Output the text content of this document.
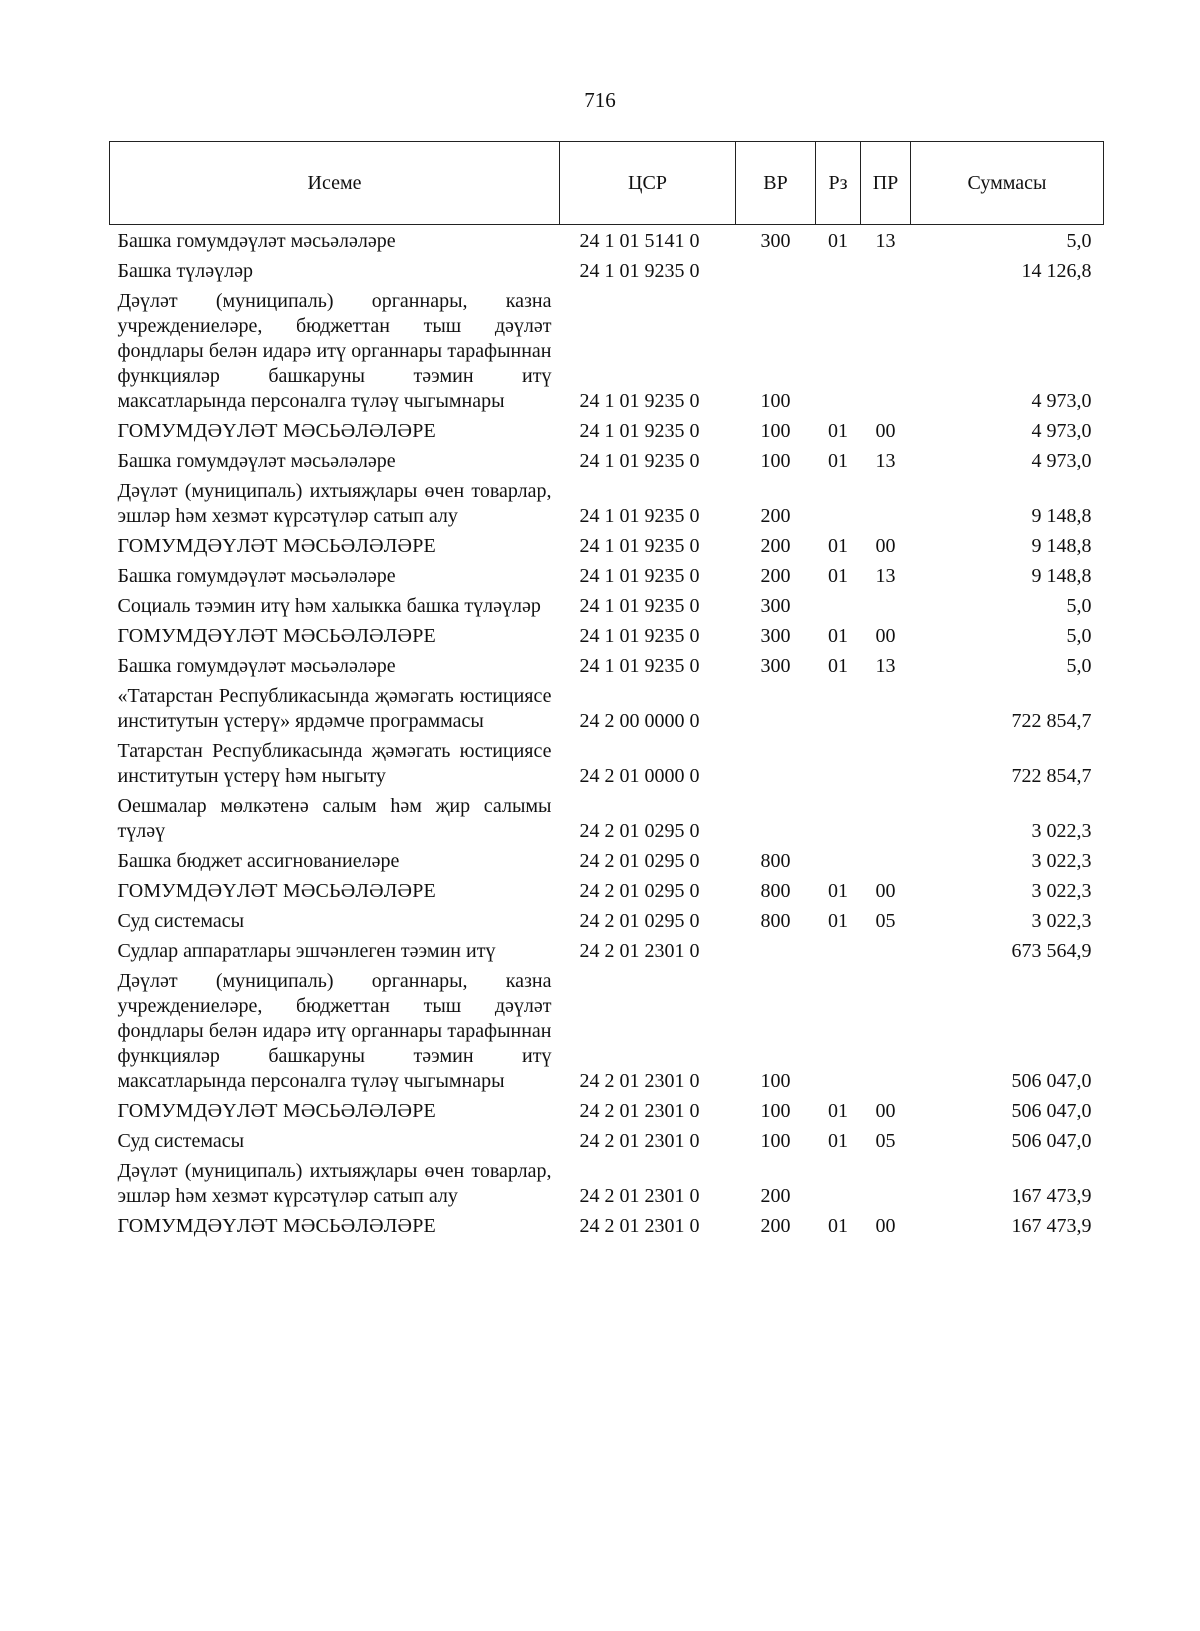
716
Исеме	ЦСР	ВР	Рз	ПР	Суммасы
Башка гомумдәүләт мәсьәләләре	24 1 01 5141 0	300	01	13	5,0
Башка түләүләр	24 1 01 9235 0				14 126,8
Дәүләт (муниципаль) органнары, казна учреждениеләре, бюджеттан тыш дәүләт фондлары белән идарә итү органнары тарафыннан функцияләр башкаруны тәэмин итү максатларында персоналга түләү чыгымнары	24 1 01 9235 0	100			4 973,0
ГОМУМДӘҮЛӘТ МӘСЬӘЛӘЛӘРЕ	24 1 01 9235 0	100	01	00	4 973,0
Башка гомумдәүләт мәсьәләләре	24 1 01 9235 0	100	01	13	4 973,0
Дәүләт (муниципаль) ихтыяҗлары өчен товарлар, эшләр һәм хезмәт күрсәтүләр сатып алу	24 1 01 9235 0	200			9 148,8
ГОМУМДӘҮЛӘТ МӘСЬӘЛӘЛӘРЕ	24 1 01 9235 0	200	01	00	9 148,8
Башка гомумдәүләт мәсьәләләре	24 1 01 9235 0	200	01	13	9 148,8
Социаль тәэмин итү һәм халыкка башка түләүләр	24 1 01 9235 0	300			5,0
ГОМУМДӘҮЛӘТ МӘСЬӘЛӘЛӘРЕ	24 1 01 9235 0	300	01	00	5,0
Башка гомумдәүләт мәсьәләләре	24 1 01 9235 0	300	01	13	5,0
«Татарстан Республикасында җәмәгать юстициясе институтын үстерү» ярдәмче программасы	24 2 00 0000 0				722 854,7
Татарстан Республикасында җәмәгать юстициясе институтын үстерү һәм ныгыту	24 2 01 0000 0				722 854,7
Оешмалар мөлкәтенә салым һәм җир салымы түләү	24 2 01 0295 0				3 022,3
Башка бюджет ассигнованиеләре	24 2 01 0295 0	800			3 022,3
ГОМУМДӘҮЛӘТ МӘСЬӘЛӘЛӘРЕ	24 2 01 0295 0	800	01	00	3 022,3
Суд системасы	24 2 01 0295 0	800	01	05	3 022,3
Судлар аппаратлары эшчәнлеген тәэмин итү	24 2 01 2301 0				673 564,9
Дәүләт (муниципаль) органнары, казна учреждениеләре, бюджеттан тыш дәүләт фондлары белән идарә итү органнары тарафыннан функцияләр башкаруны тәэмин итү максатларында персоналга түләү чыгымнары	24 2 01 2301 0	100			506 047,0
ГОМУМДӘҮЛӘТ МӘСЬӘЛӘЛӘРЕ	24 2 01 2301 0	100	01	00	506 047,0
Суд системасы	24 2 01 2301 0	100	01	05	506 047,0
Дәүләт (муниципаль) ихтыяҗлары өчен товарлар, эшләр һәм хезмәт күрсәтүләр сатып алу	24 2 01 2301 0	200			167 473,9
ГОМУМДӘҮЛӘТ МӘСЬӘЛӘЛӘРЕ	24 2 01 2301 0	200	01	00	167 473,9
